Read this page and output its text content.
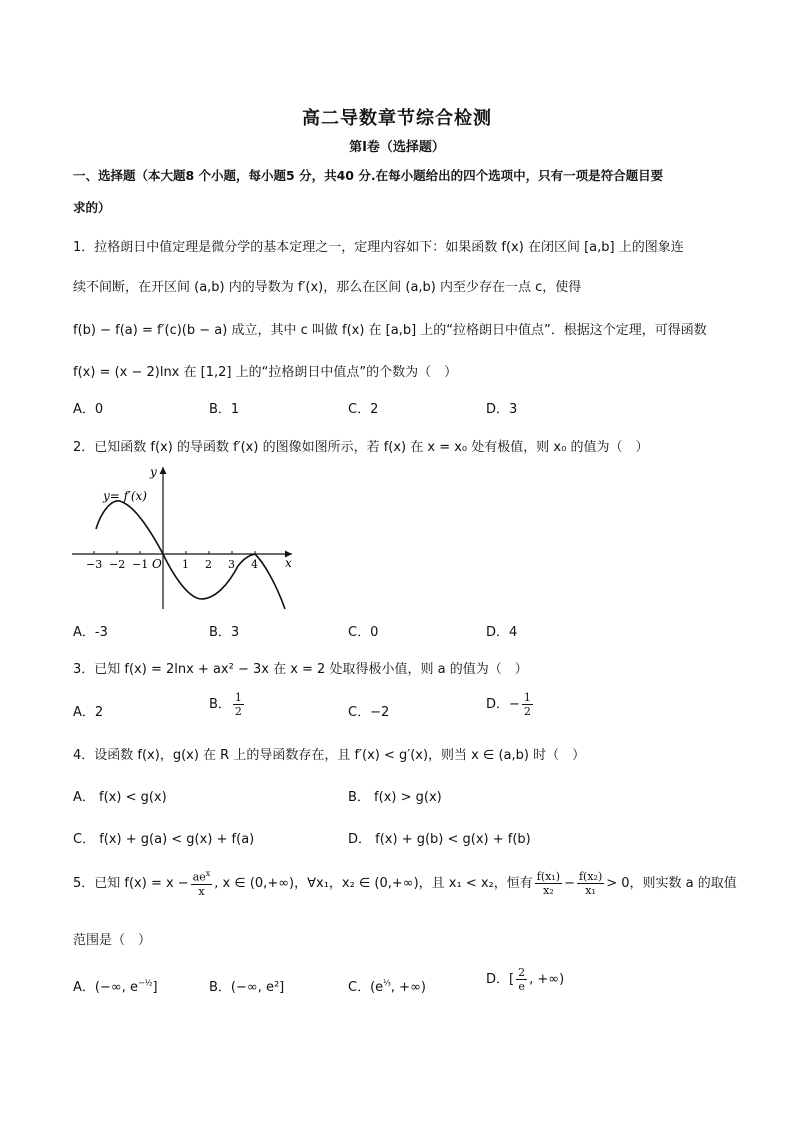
高二导数章节综合检测
第I卷（选择题）
一、选择题（本大题8 个小题，每小题5 分，共40 分.在每小题给出的四个选项中，只有一项是符合题目要
求的）
1．拉格朗日中值定理是微分学的基本定理之一，定理内容如下：如果函数 f(x) 在闭区间 [a,b] 上的图象连
续不间断，在开区间 (a,b) 内的导数为 f′(x)，那么在区间 (a,b) 内至少存在一点 c，使得
f(b) − f(a) = f′(c)(b − a) 成立，其中 c 叫做 f(x) 在 [a,b] 上的“拉格朗日中值点”．根据这个定理，可得函数
f(x) = (x − 2)lnx 在 [1,2] 上的“拉格朗日中值点”的个数为（　）
A．0	B．1	C．2	D．3
2．已知函数 f(x) 的导函数 f′(x) 的图像如图所示，若 f(x) 在 x = x₀ 处有极值，则 x₀ 的值为（　）
y
x
y= f′(x)
O
−3 −2 −1	1 2 3 4
A．-3	B．3	C．0	D．4
3．已知 f(x) = 2lnx + ax² − 3x 在 x = 2 处取得极小值，则 a 的值为（　）
A．2
B． $\frac{1}{2}$	C．−2
D．− $\frac{1}{2}$
4．设函数 f(x)，g(x) 在 R 上的导函数存在，且 f′(x) < g′(x)，则当 x ∈ (a,b) 时（　）
A． f(x) < g(x)	B． f(x) > g(x)
C． f(x) + g(a) < g(x) + f(a)	D． f(x) + g(b) < g(x) + f(b)
5．已知 $f(x) = x - \frac{ae^x}{x}$ , x ∈ (0,+∞)，∀x₁，x₂ ∈ (0,+∞)，且 x₁ < x₂，恒有 $\frac{\text{f(x₁)}}{\text{x₂}} - \frac{\text{f(x₂)}}{\text{x₁}} > 0$，则实数 a 的取值
范围是（　）
A．(−∞, $e^{-\frac{1}{2}}$]	B．(−∞, e²]	C．($e^{\frac{1}{3}}$, +∞)
D．[ $\frac{2}{e}$ , +∞)
